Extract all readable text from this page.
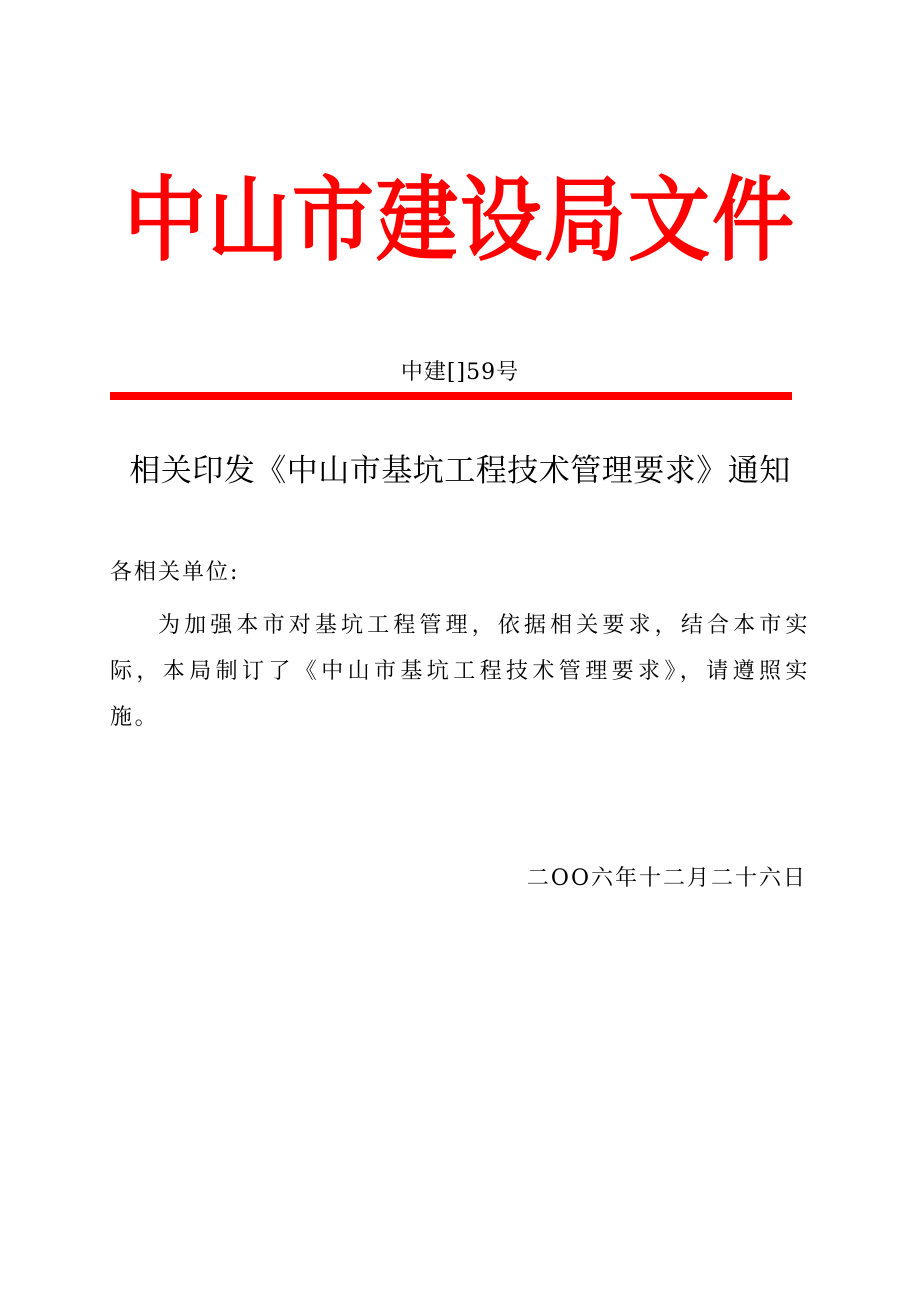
中山市建设局文件
中建[]59号
相关印发《中山市基坑工程技术管理要求》通知
各相关单位:
为加强本市对基坑工程管理，依据相关要求，结合本市实际，本局制订了《中山市基坑工程技术管理要求》，请遵照实施。
二OO六年十二月二十六日
